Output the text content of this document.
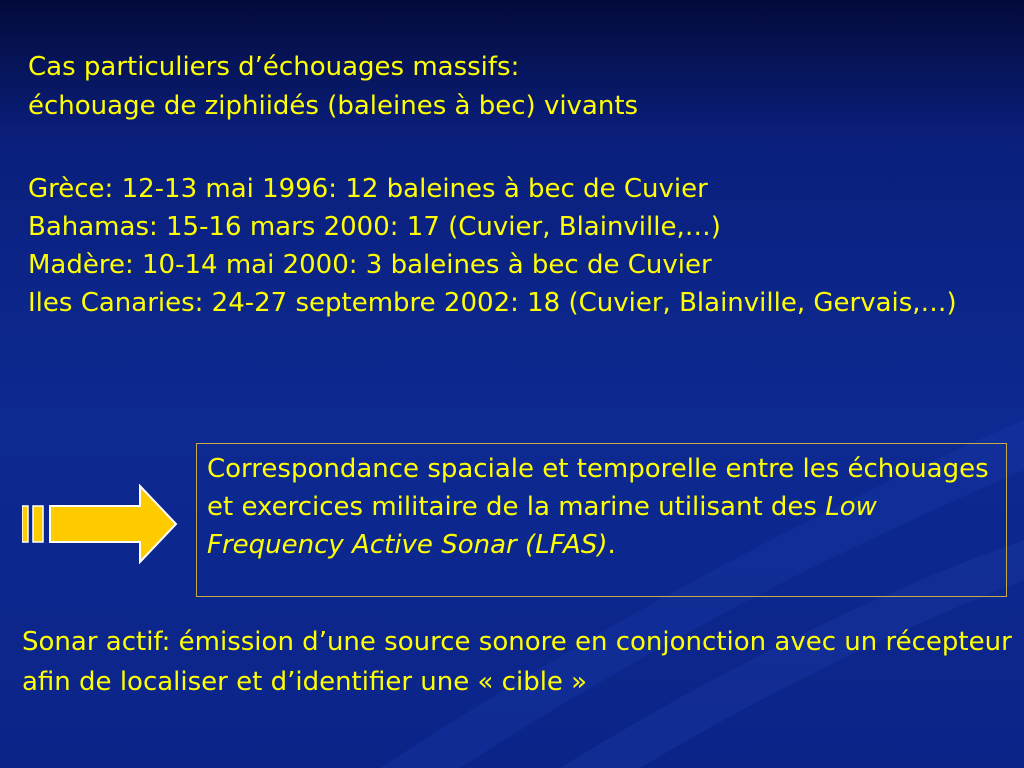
Cas particuliers d’échouages massifs:
échouage de ziphiidés (baleines à bec) vivants
Grèce: 12-13 mai 1996: 12 baleines à bec de Cuvier
Bahamas: 15-16 mars 2000: 17 (Cuvier, Blainville,…)
Madère: 10-14 mai 2000: 3 baleines à bec de Cuvier
Iles Canaries: 24-27 septembre 2002: 18 (Cuvier, Blainville, Gervais,…)
Correspondance spaciale et temporelle entre les échouages et exercices militaire de la marine utilisant des Low Frequency Active Sonar (LFAS).

Sonar actif: émission d’une source sonore en conjonction avec un récepteur afin de localiser et d’identifier une « cible »
